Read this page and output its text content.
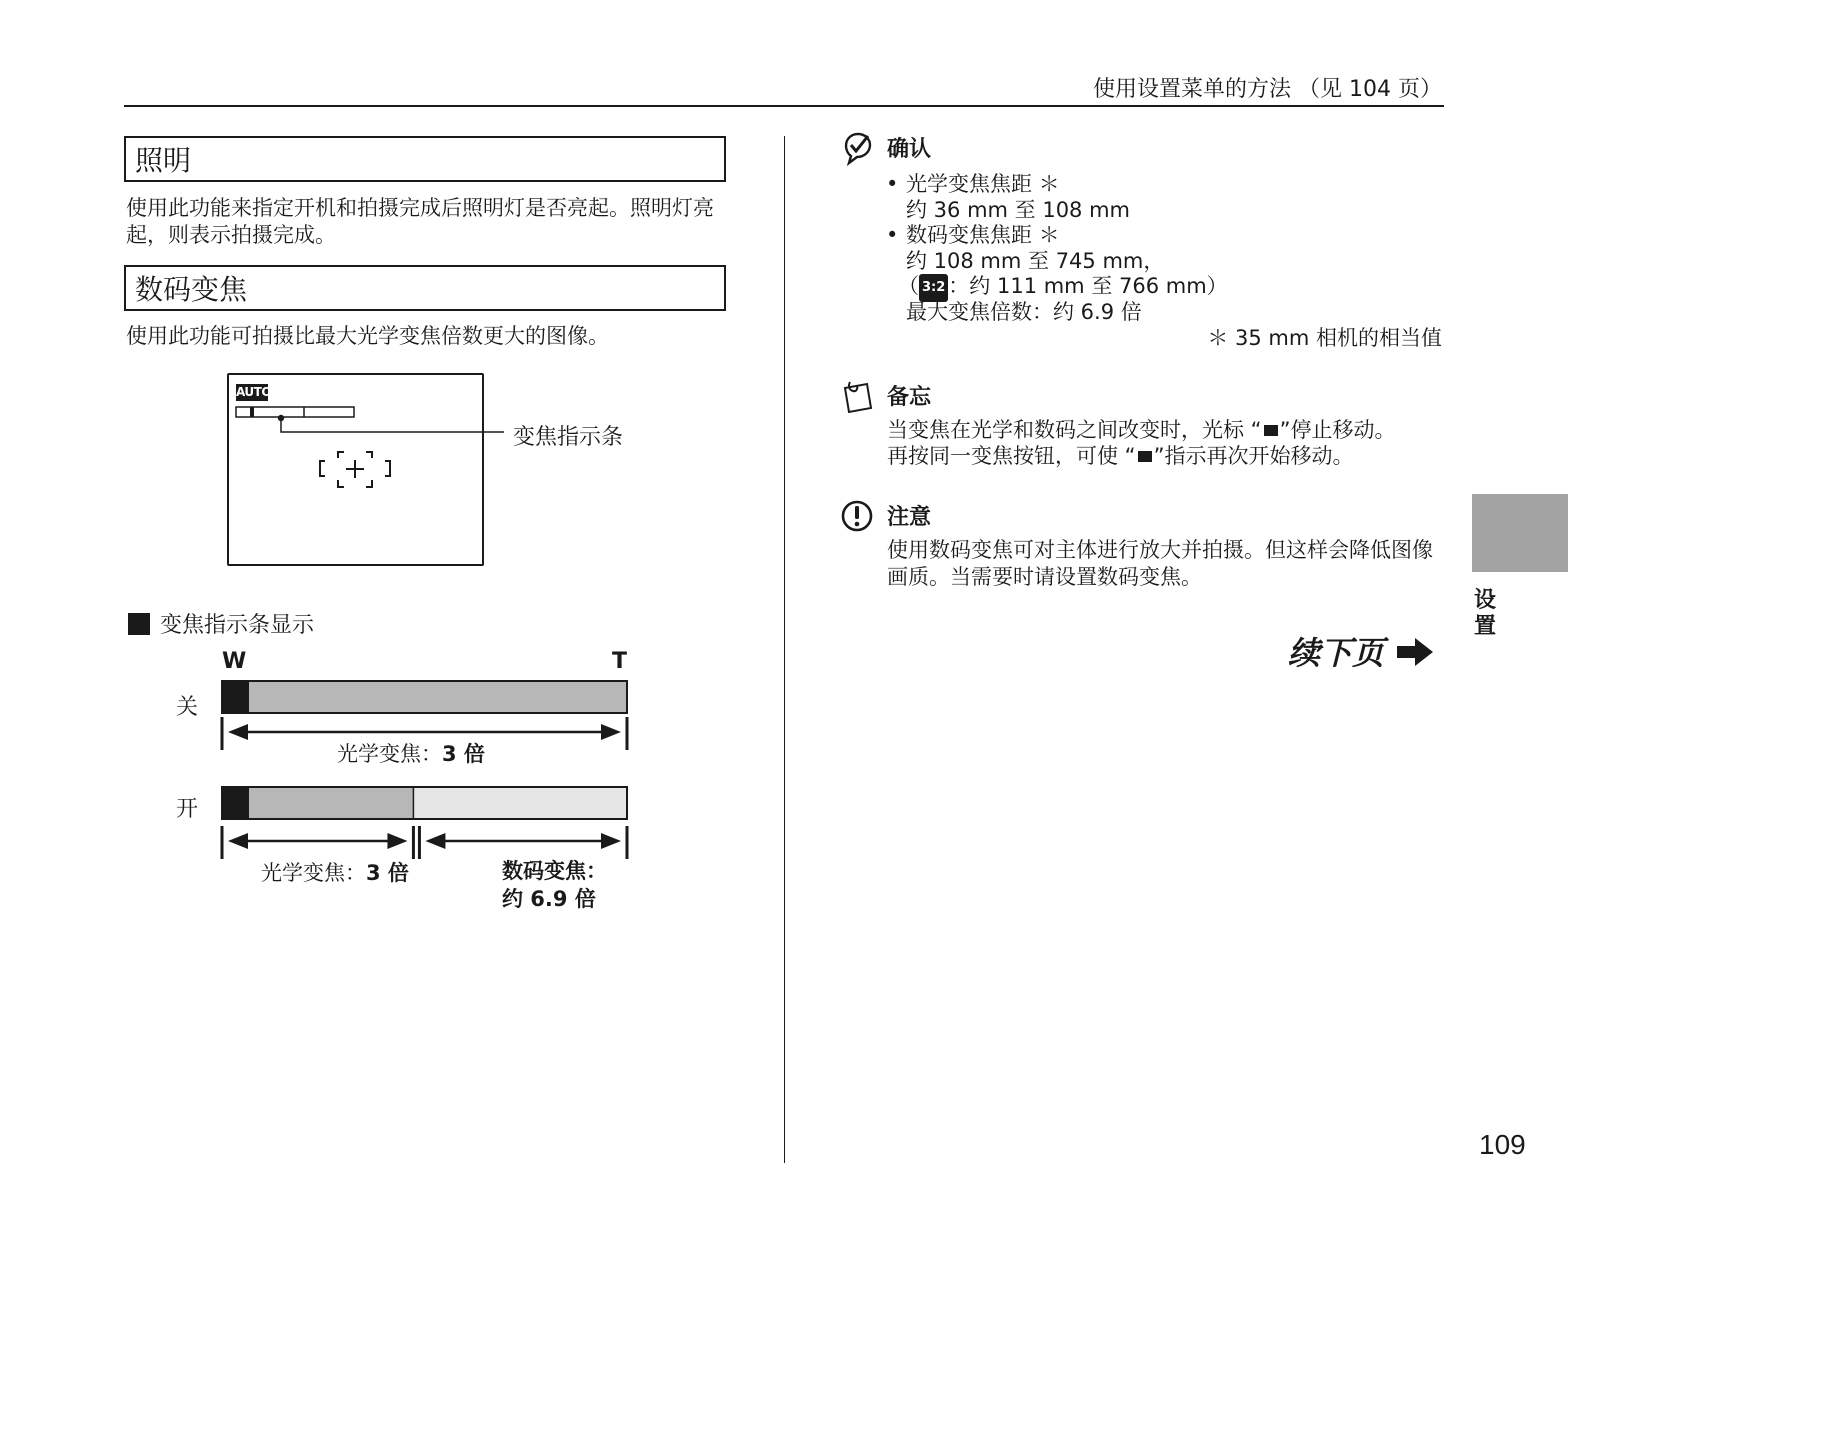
使用设置菜单的方法 （见 104 页）
照明
使用此功能来指定开机和拍摄完成后照明灯是否亮起。照明灯亮起，则表示拍摄完成。
数码变焦
使用此功能可拍摄比最大光学变焦倍数更大的图像。
AUTO
变焦指示条
变焦指示条显示
W	T
关
开
光学变焦：3 倍
光学变焦：3 倍	数码变焦：
约 6.9 倍
确认
• 光学变焦焦距 ＊
约 36 mm 至 108 mm
• 数码变焦焦距 ＊
约 108 mm 至 745 mm，
（ 3:2 ：约 111 mm 至 766 mm）
最大变焦倍数：约 6.9 倍
＊ 35 mm 相机的相当值
备忘
当变焦在光学和数码之间改变时，光标 “ ”停止移动。
再按同一变焦按钮，可使 “ ”指示再次开始移动。
注意
使用数码变焦可对主体进行放大并拍摄。但这样会降低图像画质。当需要时请设置数码变焦。
续下页
设置
109
